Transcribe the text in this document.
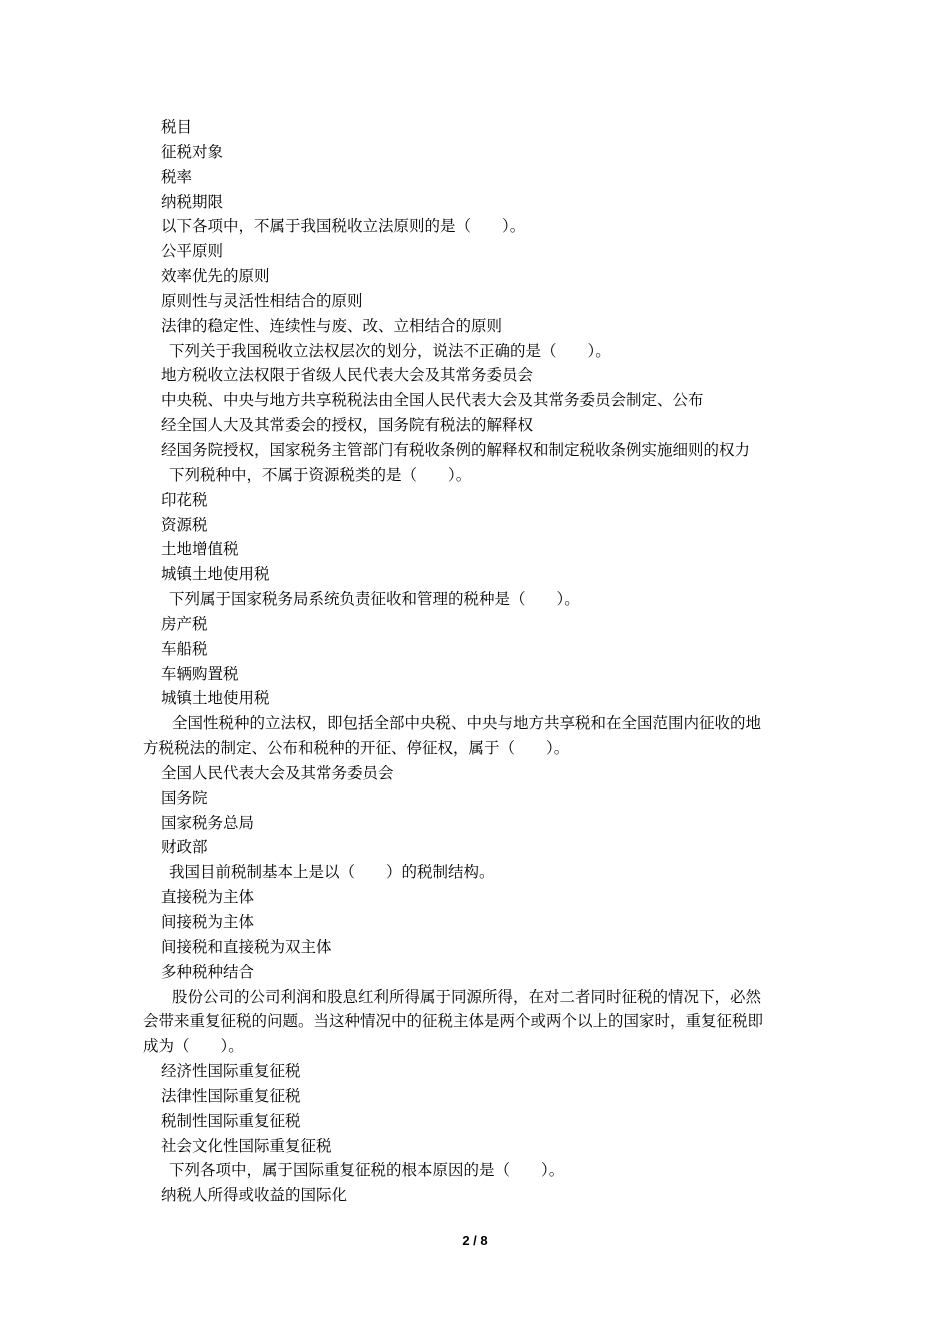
税目
征税对象
税率
纳税期限
以下各项中，不属于我国税收立法原则的是（　　）。
公平原则
效率优先的原则
原则性与灵活性相结合的原则
法律的稳定性、连续性与废、改、立相结合的原则
下列关于我国税收立法权层次的划分，说法不正确的是（　　）。
地方税收立法权限于省级人民代表大会及其常务委员会
中央税、中央与地方共享税税法由全国人民代表大会及其常务委员会制定、公布
经全国人大及其常委会的授权，国务院有税法的解释权
经国务院授权，国家税务主管部门有税收条例的解释权和制定税收条例实施细则的权力
下列税种中，不属于资源税类的是（　　）。
印花税
资源税
土地增值税
城镇土地使用税
下列属于国家税务局系统负责征收和管理的税种是（　　）。
房产税
车船税
车辆购置税
城镇土地使用税
全国性税种的立法权，即包括全部中央税、中央与地方共享税和在全国范围内征收的地
方税税法的制定、公布和税种的开征、停征权，属于（　　）。
全国人民代表大会及其常务委员会
国务院
国家税务总局
财政部
我国目前税制基本上是以（　　）的税制结构。
直接税为主体
间接税为主体
间接税和直接税为双主体
多种税种结合
股份公司的公司利润和股息红利所得属于同源所得，在对二者同时征税的情况下，必然
会带来重复征税的问题。当这种情况中的征税主体是两个或两个以上的国家时，重复征税即
成为（　　）。
经济性国际重复征税
法律性国际重复征税
税制性国际重复征税
社会文化性国际重复征税
下列各项中，属于国际重复征税的根本原因的是（　　）。
纳税人所得或收益的国际化
2 / 8
